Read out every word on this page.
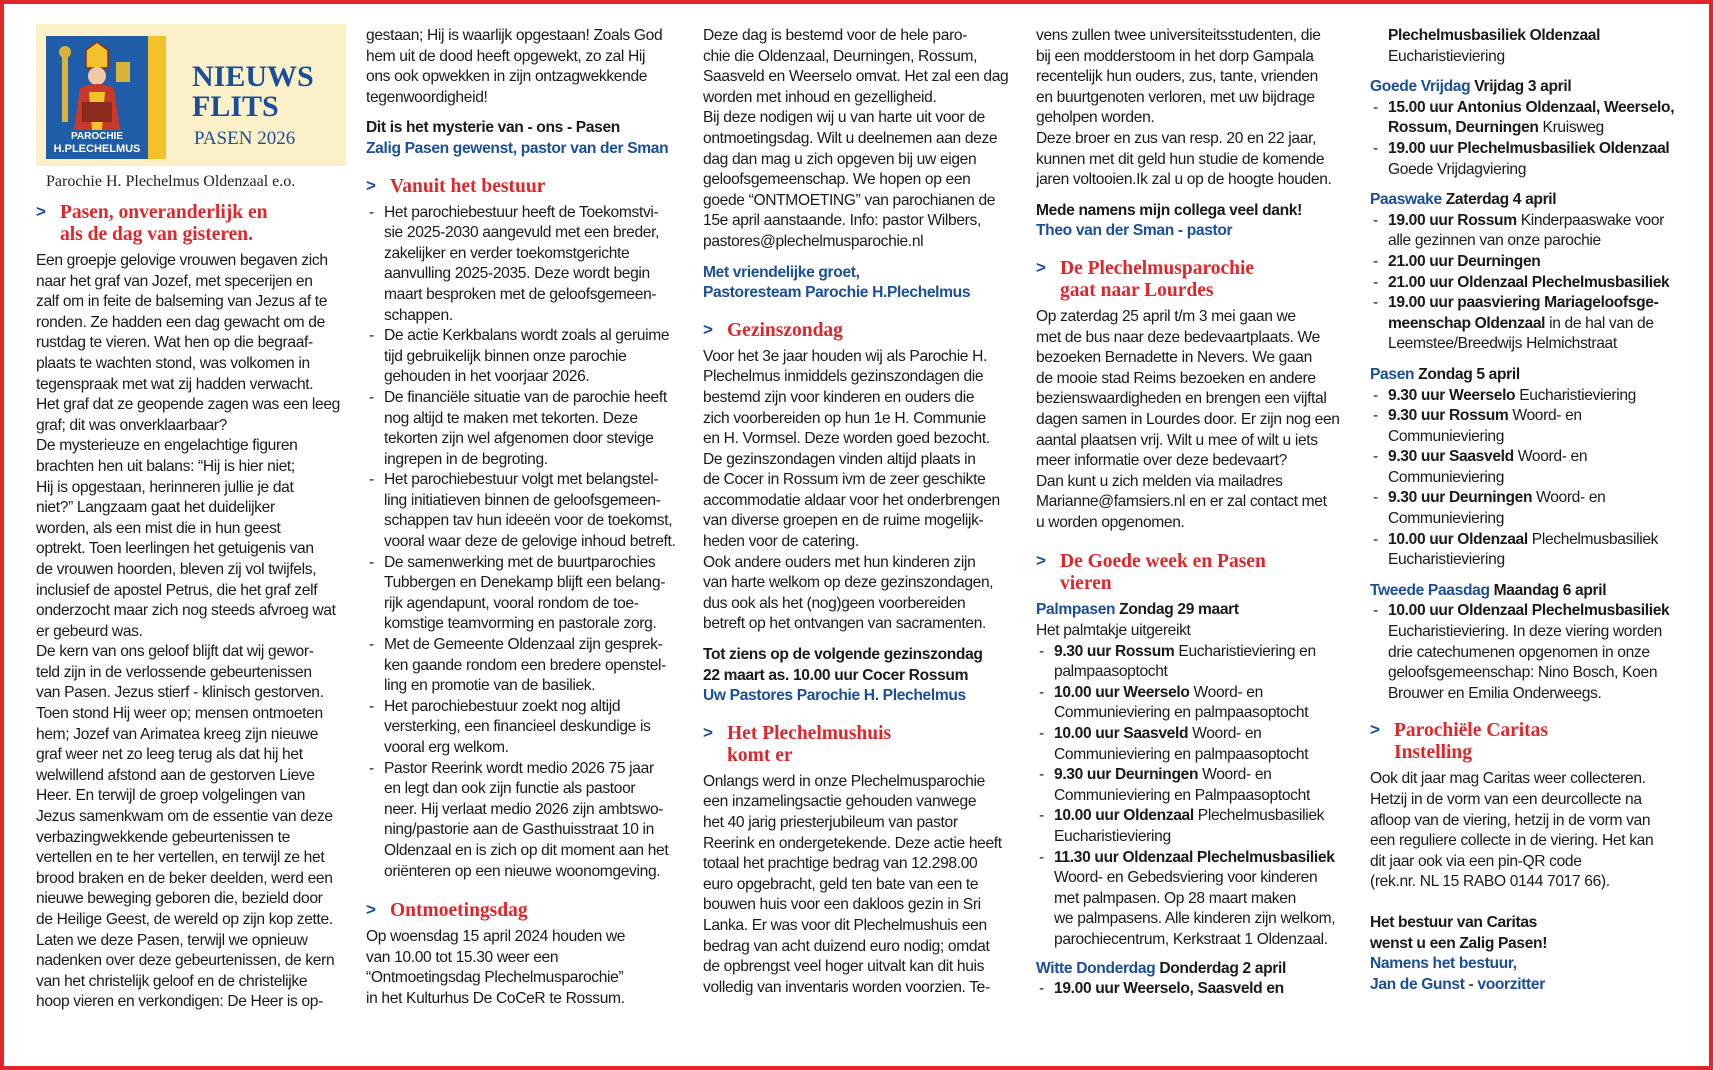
PAROCHIE
H.PLECHELMUS
NIEUWS
FLITS
PASEN 2026
Parochie H. Plechelmus Oldenzaal e.o.
> Pasen, onveranderlijk en
als de dag van gisteren.

Een groepje gelovige vrouwen begaven zich

naar het graf van Jozef, met specerijen en

zalf om in feite de balseming van Jezus af te

ronden. Ze hadden een dag gewacht om de

rustdag te vieren. Wat hen op die begraaf-

plaats te wachten stond, was volkomen in

tegenspraak met wat zij hadden verwacht.

Het graf dat ze geopende zagen was een leeg

graf; dit was onverklaarbaar?

De mysterieuze en engelachtige figuren

brachten hen uit balans: “Hij is hier niet;

Hij is opgestaan, herinneren jullie je dat

niet?” Langzaam gaat het duidelijker

worden, als een mist die in hun geest

optrekt. Toen leerlingen het getuigenis van

de vrouwen hoorden, bleven zij vol twijfels,

inclusief de apostel Petrus, die het graf zelf

onderzocht maar zich nog steeds afvroeg wat

er gebeurd was.

De kern van ons geloof blijft dat wij gewor-

teld zijn in de verlossende gebeurtenissen

van Pasen. Jezus stierf - klinisch gestorven.

Toen stond Hij weer op; mensen ontmoeten

hem; Jozef van Arimatea kreeg zijn nieuwe

graf weer net zo leeg terug als dat hij het

welwillend afstond aan de gestorven Lieve

Heer. En terwijl de groep volgelingen van

Jezus samenkwam om de essentie van deze

verbazingwekkende gebeurtenissen te

vertellen en te her vertellen, en terwijl ze het

brood braken en de beker deelden, werd een

nieuwe beweging geboren die, bezield door

de Heilige Geest, de wereld op zijn kop zette.

Laten we deze Pasen, terwijl we opnieuw

nadenken over deze gebeurtenissen, de kern

van het christelijk geloof en de christelijke

hoop vieren en verkondigen: De Heer is op-

gestaan; Hij is waarlijk opgestaan! Zoals God

hem uit de dood heeft opgewekt, zo zal Hij

ons ook opwekken in zijn ontzagwekkende

tegenwoordigheid!

Dit is het mysterie van - ons - Pasen

Zalig Pasen gewenst, pastor van der Sman

> Vanuit het bestuur
- Het parochiebestuur heeft de Toekomstvi-
sie 2025-2030 aangevuld met een breder,
zakelijker en verder toekomstgerichte
aanvulling 2025-2035. Deze wordt begin
maart besproken met de geloofsgemeen-
schappen.
- De actie Kerkbalans wordt zoals al geruime
tijd gebruikelijk binnen onze parochie
gehouden in het voorjaar 2026.
- De financiële situatie van de parochie heeft
nog altijd te maken met tekorten. Deze
tekorten zijn wel afgenomen door stevige
ingrepen in de begroting.
- Het parochiebestuur volgt met belangstel-
ling initiatieven binnen de geloofsgemeen-
schappen tav hun ideeën voor de toekomst,
vooral waar deze de gelovige inhoud betreft.
- De samenwerking met de buurtparochies
Tubbergen en Denekamp blijft een belang-
rijk agendapunt, vooral rondom de toe-
komstige teamvorming en pastorale zorg.
- Met de Gemeente Oldenzaal zijn gesprek-
ken gaande rondom een bredere openstel-
ling en promotie van de basiliek.
- Het parochiebestuur zoekt nog altijd
versterking, een financieel deskundige is
vooral erg welkom.
- Pastor Reerink wordt medio 2026 75 jaar
en legt dan ook zijn functie als pastoor
neer. Hij verlaat medio 2026 zijn ambtswo-
ning/pastorie aan de Gasthuisstraat 10 in
Oldenzaal en is zich op dit moment aan het
oriënteren op een nieuwe woonomgeving.
> Ontmoetingsdag

Op woensdag 15 april 2024 houden we

van 10.00 tot 15.30 weer een

“Ontmoetingsdag Plechelmusparochie”

in het Kulturhus De CoCeR te Rossum.

Deze dag is bestemd voor de hele paro-

chie die Oldenzaal, Deurningen, Rossum,

Saasveld en Weerselo omvat. Het zal een dag

worden met inhoud en gezelligheid.

Bij deze nodigen wij u van harte uit voor de

ontmoetingsdag. Wilt u deelnemen aan deze

dag dan mag u zich opgeven bij uw eigen

geloofsgemeenschap. We hopen op een

goede “ONTMOETING” van parochianen de

15e april aanstaande. Info: pastor Wilbers,

pastores@plechelmusparochie.nl

Met vriendelijke groet,

Pastoresteam Parochie H.Plechelmus

> Gezinszondag

Voor het 3e jaar houden wij als Parochie H.

Plechelmus inmiddels gezinszondagen die

bestemd zijn voor kinderen en ouders die

zich voorbereiden op hun 1e H. Communie

en H. Vormsel. Deze worden goed bezocht.

De gezinszondagen vinden altijd plaats in

de Cocer in Rossum ivm de zeer geschikte

accommodatie aldaar voor het onderbrengen

van diverse groepen en de ruime mogelijk-

heden voor de catering.

Ook andere ouders met hun kinderen zijn

van harte welkom op deze gezinszondagen,

dus ook als het (nog)geen voorbereiden

betreft op het ontvangen van sacramenten.

Tot ziens op de volgende gezinszondag

22 maart as. 10.00 uur Cocer Rossum

Uw Pastores Parochie H. Plechelmus

> Het Plechelmushuis
komt er

Onlangs werd in onze Plechelmusparochie

een inzamelingsactie gehouden vanwege

het 40 jarig priesterjubileum van pastor

Reerink en ondergetekende. Deze actie heeft

totaal het prachtige bedrag van 12.298.00

euro opgebracht, geld ten bate van een te

bouwen huis voor een dakloos gezin in Sri

Lanka. Er was voor dit Plechelmushuis een

bedrag van acht duizend euro nodig; omdat

de opbrengst veel hoger uitvalt kan dit huis

volledig van inventaris worden voorzien. Te-

vens zullen twee universiteitsstudenten, die

bij een modderstoom in het dorp Gampala

recentelijk hun ouders, zus, tante, vrienden

en buurtgenoten verloren, met uw bijdrage

geholpen worden.

Deze broer en zus van resp. 20 en 22 jaar,

kunnen met dit geld hun studie de komende

jaren voltooien.Ik zal u op de hoogte houden.

Mede namens mijn collega veel dank!

Theo van der Sman - pastor

> De Plechelmusparochie
gaat naar Lourdes

Op zaterdag 25 april t/m 3 mei gaan we

met de bus naar deze bedevaartplaats. We

bezoeken Bernadette in Nevers. We gaan

de mooie stad Reims bezoeken en andere

bezienswaardigheden en brengen een vijftal

dagen samen in Lourdes door. Er zijn nog een

aantal plaatsen vrij. Wilt u mee of wilt u iets

meer informatie over deze bedevaart?

Dan kunt u zich melden via mailadres

Marianne@famsiers.nl en er zal contact met

u worden opgenomen.

> De Goede week en Pasen
vieren

Palmpasen Zondag 29 maart

Het palmtakje uitgereikt

- 9.30 uur Rossum Eucharistieviering en
palmpaasoptocht
- 10.00 uur Weerselo Woord- en
Communieviering en palmpaasoptocht
- 10.00 uur Saasveld Woord- en
Communieviering en palmpaasoptocht
- 9.30 uur Deurningen Woord- en
Communieviering en Palmpaasoptocht
- 10.00 uur Oldenzaal Plechelmusbasiliek
Eucharistieviering
- 11.30 uur Oldenzaal Plechelmusbasiliek
Woord- en Gebedsviering voor kinderen
met palmpasen. Op 28 maart maken
we palmpasens. Alle kinderen zijn welkom,
parochiecentrum, Kerkstraat 1 Oldenzaal.

Witte Donderdag Donderdag 2 april

- 19.00 uur Weerselo, Saasveld en

Plechelmusbasiliek Oldenzaal

Eucharistieviering

Goede Vrijdag Vrijdag 3 april

- 15.00 uur Antonius Oldenzaal, Weerselo,
Rossum, Deurningen Kruisweg
- 19.00 uur Plechelmusbasiliek Oldenzaal
Goede Vrijdagviering

Paaswake Zaterdag 4 april

- 19.00 uur Rossum Kinderpaaswake voor
alle gezinnen van onze parochie
- 21.00 uur Deurningen
- 21.00 uur Oldenzaal Plechelmusbasiliek
- 19.00 uur paasviering Mariageloofsge-
meenschap Oldenzaal in de hal van de
Leemstee/Breedwijs Helmichstraat

Pasen Zondag 5 april

- 9.30 uur Weerselo Eucharistieviering
- 9.30 uur Rossum Woord- en
Communieviering
- 9.30 uur Saasveld Woord- en
Communieviering
- 9.30 uur Deurningen Woord- en
Communieviering
- 10.00 uur Oldenzaal Plechelmusbasiliek
Eucharistieviering

Tweede Paasdag Maandag 6 april

- 10.00 uur Oldenzaal Plechelmusbasiliek
Eucharistieviering. In deze viering worden
drie catechumenen opgenomen in onze
geloofsgemeenschap: Nino Bosch, Koen
Brouwer en Emilia Onderweegs.
> Parochiële Caritas
Instelling

Ook dit jaar mag Caritas weer collecteren.

Hetzij in de vorm van een deurcollecte na

afloop van de viering, hetzij in de vorm van

een reguliere collecte in de viering. Het kan

dit jaar ook via een pin-QR code

(rek.nr. NL 15 RABO 0144 7017 66).

Het bestuur van Caritas

wenst u een Zalig Pasen!

Namens het bestuur,

Jan de Gunst - voorzitter
